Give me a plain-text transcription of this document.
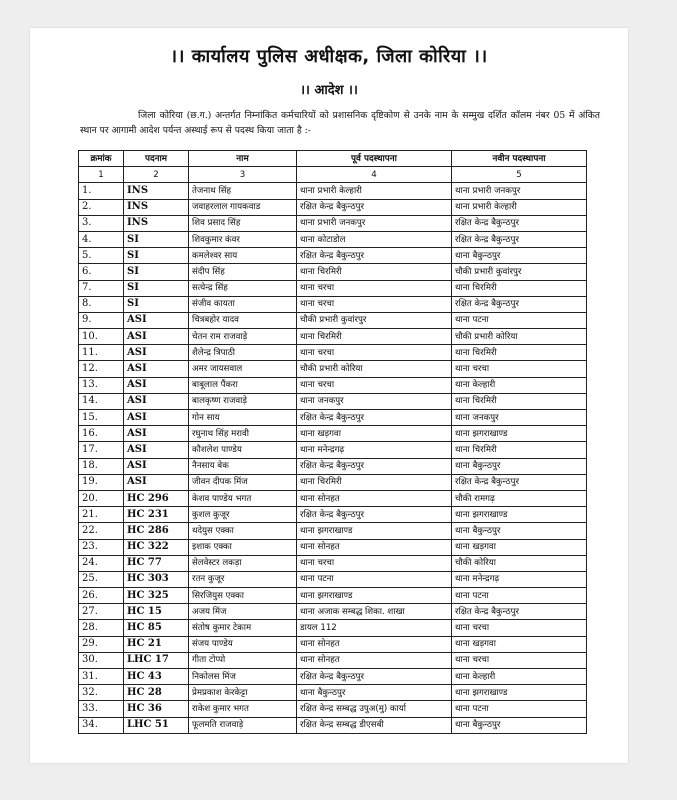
।। कार्यालय पुलिस अधीक्षक, जिला कोरिया ।।
।। आदेश ।।
जिला कोरिया (छ.ग.) अन्तर्गत निम्नांकित कर्मचारियों को प्रशासनिक दृष्टिकोण से उनके नाम के सम्मुख दर्शित कॉलम नंबर 05 में अंकित स्थान पर आगामी आदेश पर्यन्त अस्थाई रूप से पदस्थ किया जाता है :-
क्रमांक	पदनाम	नाम	पूर्व पदस्थापना	नवीन पदस्थापना
1	2	3	4	5
1.	INS	तेजनाथ सिंह	थाना प्रभारी केल्हारी	थाना प्रभारी जनकपुर
2.	INS	जवाहरलाल गायकवाड	रक्षित केन्द्र बैकुन्ठपुर	थाना प्रभारी केल्हारी
3.	INS	शिव प्रसाद सिंह	थाना प्रभारी जनकपुर	रक्षित केन्द्र बैकुन्ठपुर
4.	SI	शिवकुमार कंवर	थाना कोटाडोल	रक्षित केन्द्र बैकुन्ठपुर
5.	SI	कमलेश्वर साय	रक्षित केन्द्र बैकुन्ठपुर	थाना बैकुन्ठपुर
6.	SI	संदीप सिंह	थाना चिरमिरी	चौकी प्रभारी कुवांरपुर
7.	SI	सत्येन्द्र सिंह	थाना चरचा	थाना चिरमिरी
8.	SI	संजीव कायता	थाना चरचा	रक्षित केन्द्र बैकुन्ठपुर
9.	ASI	चित्रबहोर यादव	चौकी प्रभारी कुवांरपुर	थाना पटना
10.	ASI	चेतन राम राजवाड़े	थाना चिरमिरी	चौकी प्रभारी कोरिया
11.	ASI	शैलेन्द्र त्रिपाठी	थाना चरचा	थाना चिरमिरी
12.	ASI	अमर जायसवाल	चौकी प्रभारी कोरिया	थाना चरचा
13.	ASI	बाबूलाल पैंकरा	थाना चरचा	थाना केल्हारी
14.	ASI	बालकृष्ण राजवाड़े	थाना जनकपुर	थाना चिरमिरी
15.	ASI	गोन साय	रक्षित केन्द्र बैकुन्ठपुर	थाना जनकपुर
16.	ASI	रघुनाथ सिंह मरावी	थाना खड़गवा	थाना झगराखाण्ड
17.	ASI	कौशलेश पाण्डेय	थाना मनेन्द्रगढ़	थाना चिरमिरी
18.	ASI	नैनसाय बेक	रक्षित केन्द्र बैकुन्ठपुर	थाना बैकुन्ठपुर
19.	ASI	जीवन दीपक मिंज	थाना चिरमिरी	रक्षित केन्द्र बैकुन्ठपुर
20.	HC 296	केशव पाण्डेय भगत	थाना सोनहत	चौकी रामगढ़
21.	HC 231	कुशल कुजूर	रक्षित केन्द्र बैकुन्ठपुर	थाना झगराखाण्ड
22.	HC 286	थदेयुस एक्का	थाना झगराखाण्ड	थाना बैकुन्ठपुर
23.	HC 322	इशाक एक्का	थाना सोनहत	थाना खड़गवा
24.	HC 77	सेलवेस्टर लकड़ा	थाना चरचा	चौकी कोरिया
25.	HC 303	रतन कुजूर	थाना पटना	थाना मनेन्द्रगढ़
26.	HC 325	सिरजियुस एक्का	थाना झगराखाण्ड	थाना पटना
27.	HC 15	अजय मिंज	थाना अजाक सम्बद्ध शिका. शाखा	रक्षित केन्द्र बैकुन्ठपुर
28.	HC 85	संतोष कुमार टेकाम	डायल 112	थाना चरचा
29.	HC 21	संजय पाण्डेय	थाना सोनहत	थाना खड़गवा
30.	LHC 17	गीता टोप्पो	थाना सोनहत	थाना चरचा
31.	HC 43	निकोलस मिंज	रक्षित केन्द्र बैकुन्ठपुर	थाना केल्हारी
32.	HC 28	प्रेमप्रकाश केरकेट्टा	थाना बैकुन्ठपुर	थाना झगराखाण्ड
33.	HC 36	राकेश कुमार भगत	रक्षित केन्द्र सम्बद्ध उपुअ(मु) कार्या	थाना पटना
34.	LHC 51	फूलमति राजवाड़े	रक्षित केन्द्र सम्बद्ध डीएसबी	थाना बैकुन्ठपुर
